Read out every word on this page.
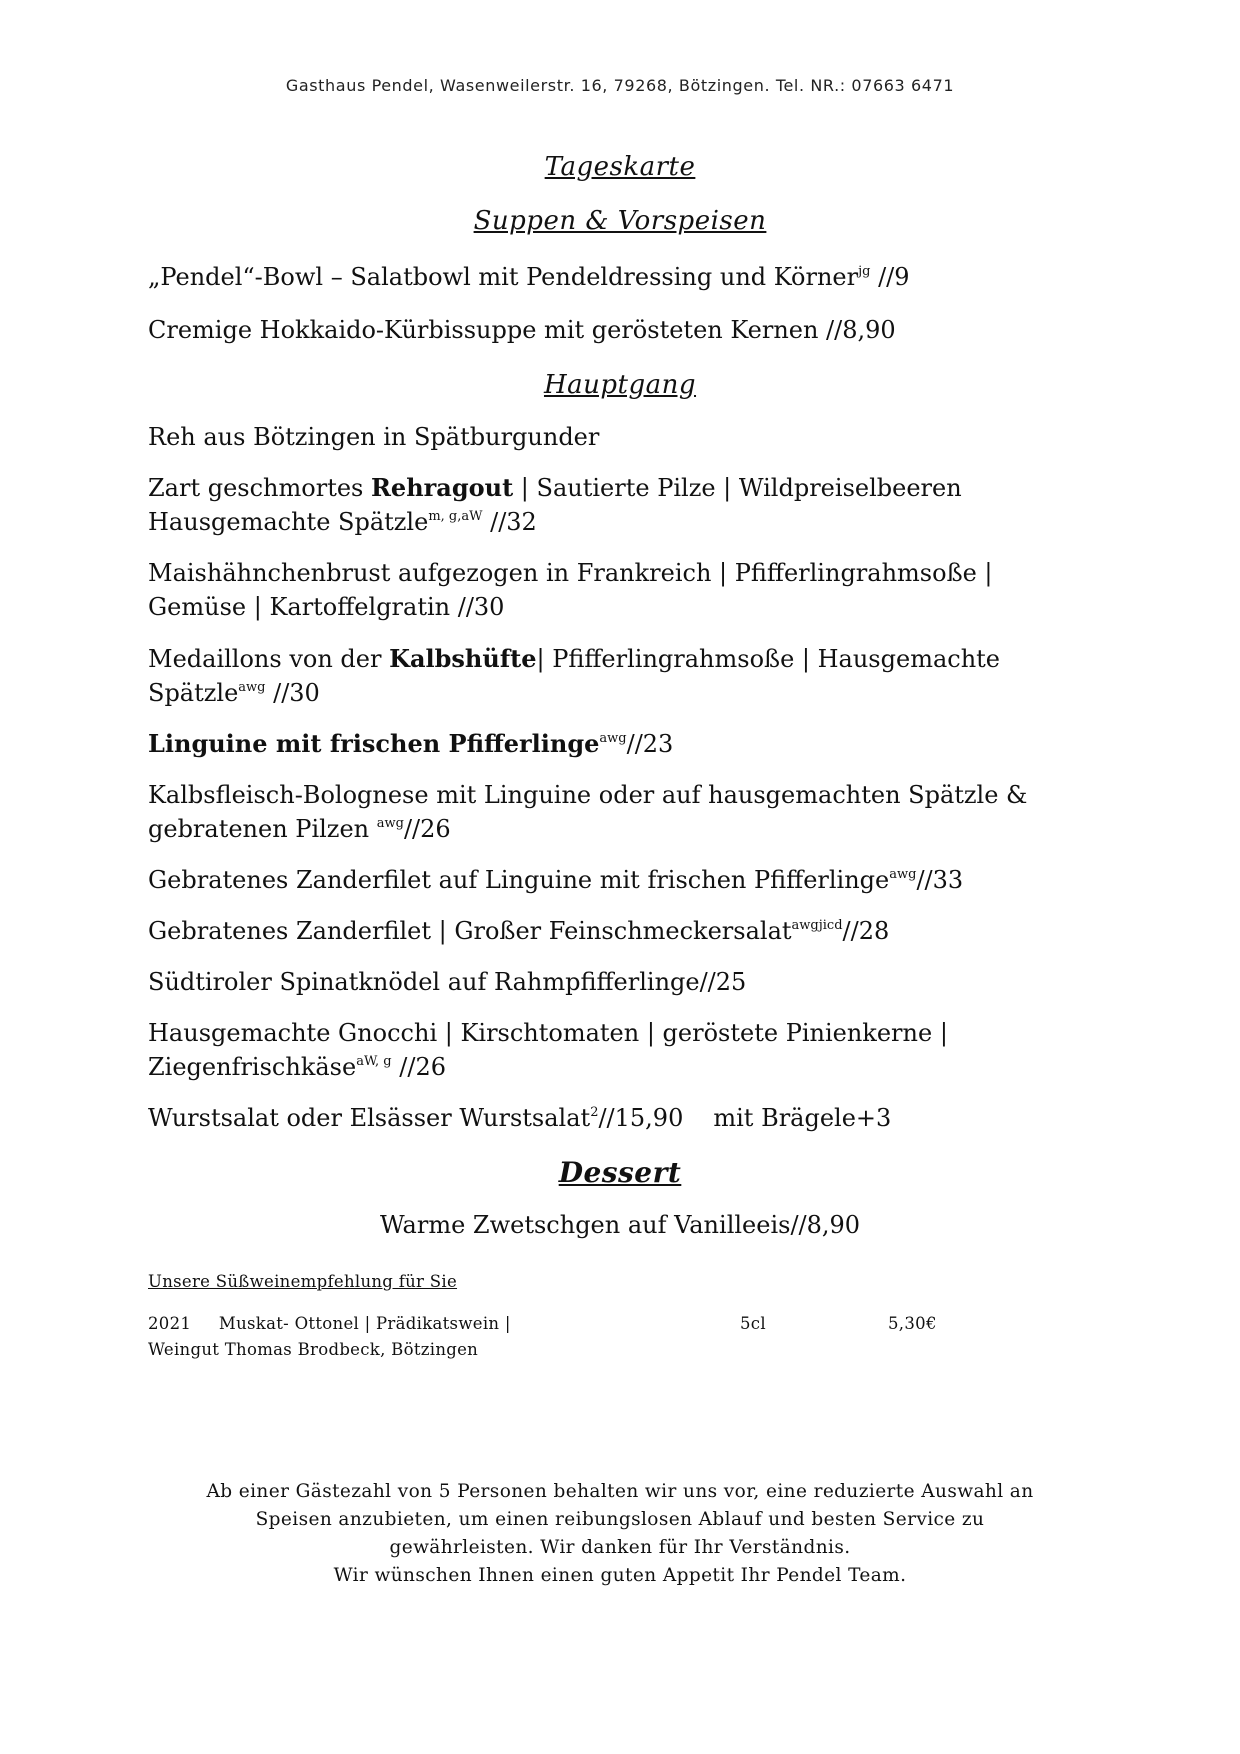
Gasthaus Pendel, Wasenweilerstr. 16, 79268, Bötzingen. Tel. NR.: 07663 6471
Tageskarte
Suppen & Vorspeisen
„Pendel“-Bowl – Salatbowl mit Pendeldressing und Körner$^{jg}$ //9
Cremige Hokkaido-Kürbissuppe mit gerösteten Kernen //8,90
Hauptgang
Reh aus Bötzingen in Spätburgunder
Zart geschmortes Rehragout | Sautierte Pilze | Wildpreiselbeeren
Hausgemachte Spätzle$^{m, g,aW}$ //32
Maishähnchenbrust aufgezogen in Frankreich | Pfifferlingrahmsoße |
Gemüse | Kartoffelgratin //30
Medaillons von der Kalbshüfte| Pfifferlingrahmsoße | Hausgemachte
Spätzle$^{awg}$ //30
Linguine mit frischen Pfifferlinge$^{awg}$//23
Kalbsfleisch-Bolognese mit Linguine oder auf hausgemachten Spätzle &
gebratenen Pilzen $^{awg}$//26
Gebratenes Zanderfilet auf Linguine mit frischen Pfifferlinge$^{awg}$//33
Gebratenes Zanderfilet | Großer Feinschmeckersalat$^{awgjicd}$//28
Südtiroler Spinatknödel auf Rahmpfifferlinge//25
Hausgemachte Gnocchi | Kirschtomaten | geröstete Pinienkerne |
Ziegenfrischkäse$^{aW, g}$ //26
Wurstsalat oder Elsässer Wurstsalat$^2$//15,90 mit Brägele+3
Dessert
Warme Zwetschgen auf Vanilleeis//8,90
Unsere Süßweinempfehlung für Sie
2021     Muskat- Ottonel | Prädikatswein |
Weingut Thomas Brodbeck, Bötzingen
5cl	5,30€
Ab einer Gästezahl von 5 Personen behalten wir uns vor, eine reduzierte Auswahl an
Speisen anzubieten, um einen reibungslosen Ablauf und besten Service zu
gewährleisten. Wir danken für Ihr Verständnis.
Wir wünschen Ihnen einen guten Appetit Ihr Pendel Team.
